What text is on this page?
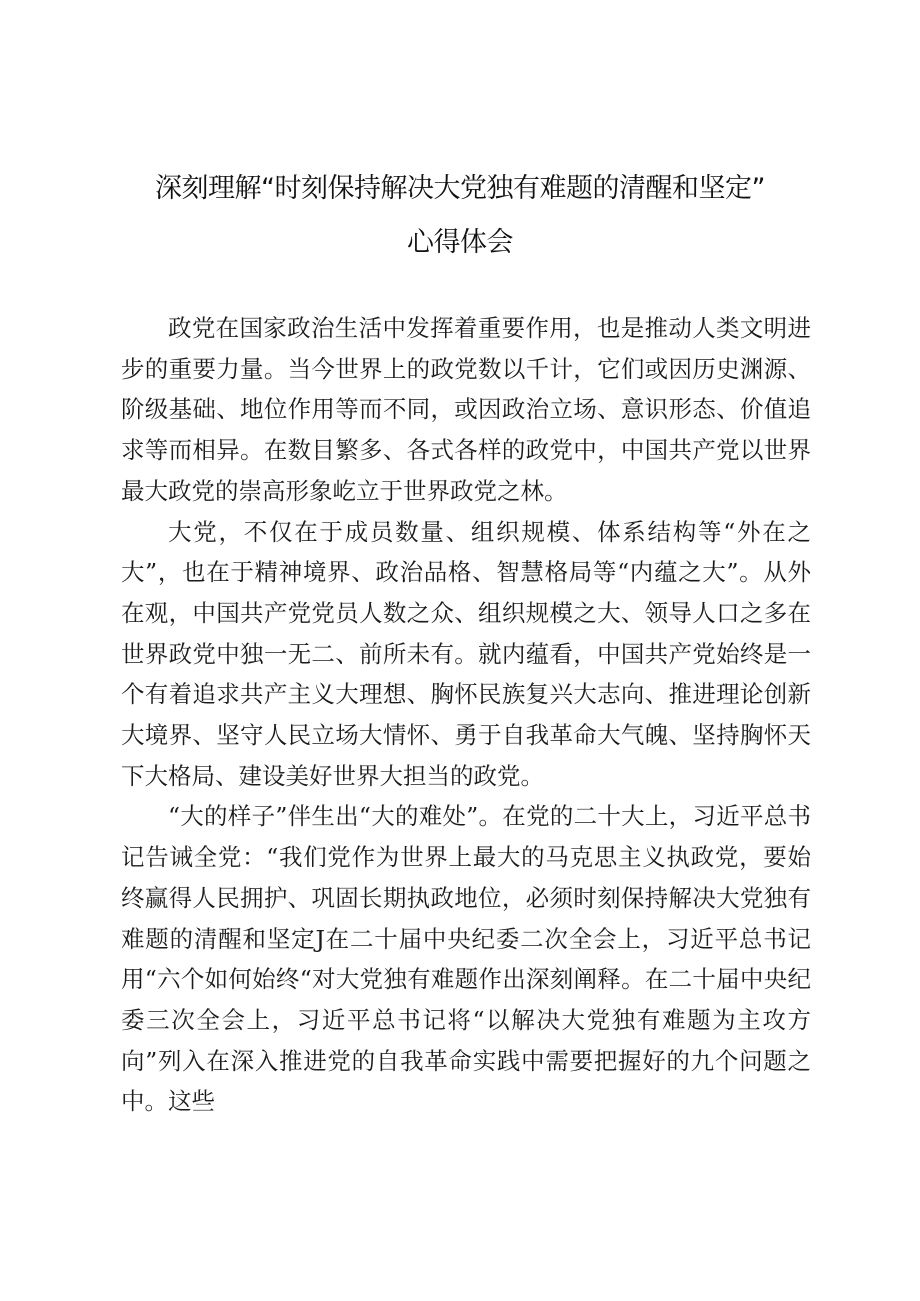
深刻理解“时刻保持解决大党独有难题的清醒和坚定”
心得体会

政党在国家政治生活中发挥着重要作用，也是推动人类文明进步的重要力量。当今世界上的政党数以千计，它们或因历史渊源、阶级基础、地位作用等而不同，或因政治立场、意识形态、价值追求等而相异。在数目繁多、各式各样的政党中，中国共产党以世界最大政党的崇高形象屹立于世界政党之林。

大党，不仅在于成员数量、组织规模、体系结构等“外在之大”，也在于精神境界、政治品格、智慧格局等“内蕴之大”。从外在观，中国共产党党员人数之众、组织规模之大、领导人口之多在世界政党中独一无二、前所未有。就内蕴看，中国共产党始终是一个有着追求共产主义大理想、胸怀民族复兴大志向、推进理论创新大境界、坚守人民立场大情怀、勇于自我革命大气魄、坚持胸怀天下大格局、建设美好世界大担当的政党。

“大的样子”伴生出“大的难处”。在党的二十大上，习近平总书记告诫全党：“我们党作为世界上最大的马克思主义执政党，要始终赢得人民拥护、巩固长期执政地位，必须时刻保持解决大党独有难题的清醒和坚定J在二十届中央纪委二次全会上，习近平总书记用“六个如何始终“对大党独有难题作出深刻阐释。在二十届中央纪委三次全会上，习近平总书记将“以解决大党独有难题为主攻方向”列入在深入推进党的自我革命实践中需要把握好的九个问题之中。这些
